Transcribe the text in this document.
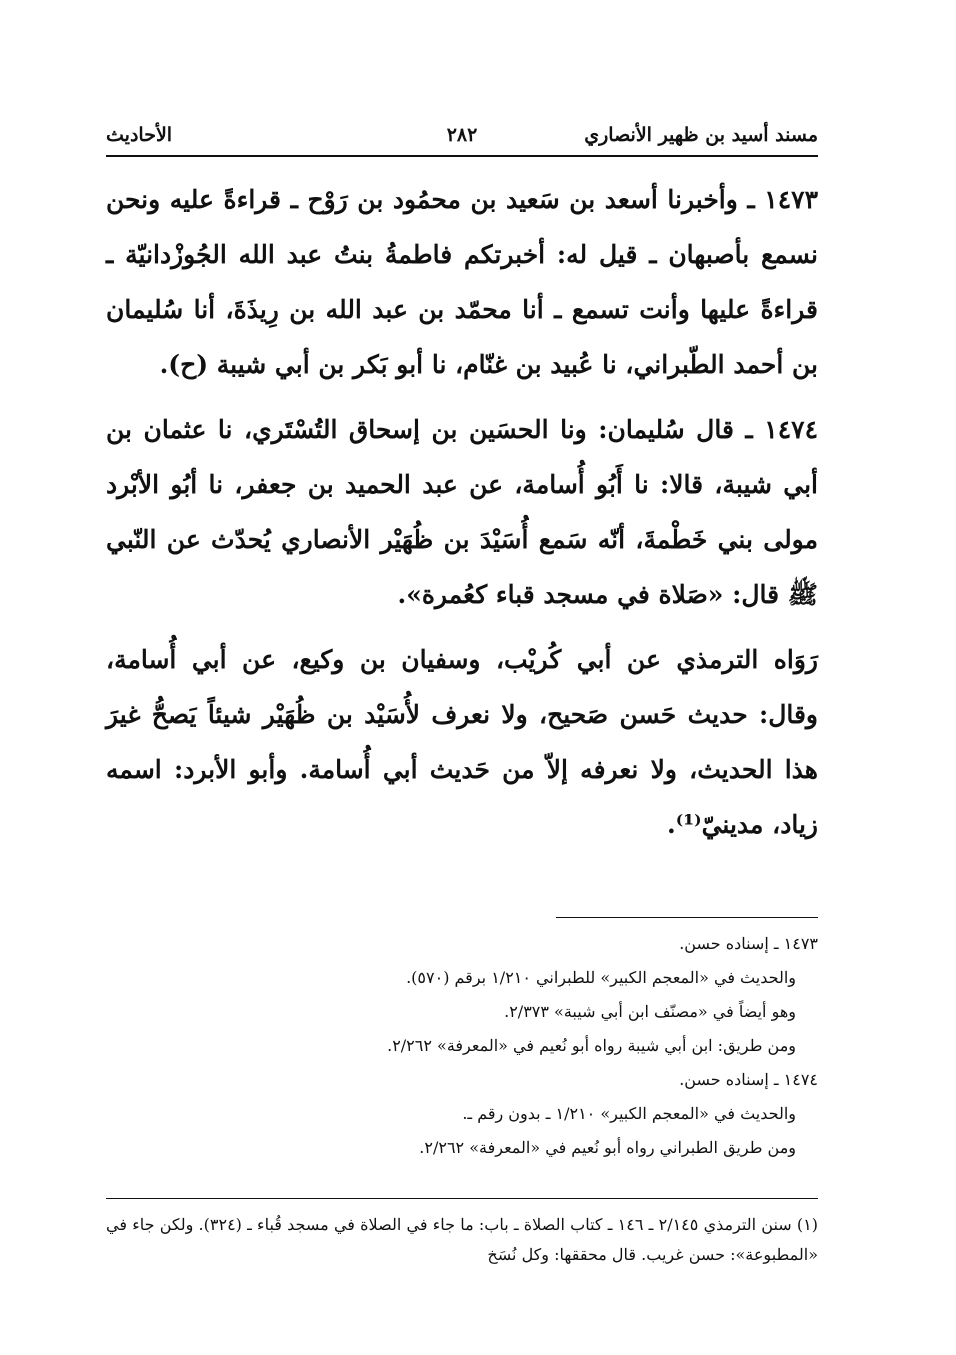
مسند أسيد بن ظهير الأنصاري
٢٨٢
الأحاديث

١٤٧٣ ـ وأخبرنا أسعد بن سَعيد بن محمُود بن رَوْح ـ قراءةً عليه ونحن نسمع بأصبهان ـ قيل له: أخبرتكم فاطمةُ بنتُ عبد الله الجُوزْدانيّة ـ قراءةً عليها وأنت تسمع ـ أنا محمّد بن عبد الله بن رِيذَةَ، أنا سُليمان بن أحمد الطّبراني، نا عُبيد بن غنّام، نا أبو بَكر بن أبي شيبة (ح).

١٤٧٤ ـ قال سُليمان: ونا الحسَين بن إسحاق التُسْتَري، نا عثمان بن أبي شيبة، قالا: نا أَبُو أُسامة، عن عبد الحميد بن جعفر، نا أبُو الأبْرد مولى بني خَطْمةَ، أنّه سَمع أُسَيْدَ بن ظُهَيْر الأنصاري يُحدّث عن النّبي ﷺ قال: «صَلاة في مسجد قباء كعُمرة».

رَوَاه الترمذي عن أبي كُريْب، وسفيان بن وكيع، عن أبي أُسامة، وقال: حديث حَسن صَحيح، ولا نعرف لأُسَيْد بن ظُهَيْر شيئاً يَصحُّ غيرَ هذا الحديث، ولا نعرفه إلاّ من حَديث أبي أُسامة. وأبو الأبرد: اسمه زياد، مدينيّ⁽¹⁾.

١٤٧٣ ـ إسناده حسن.
والحديث في «المعجم الكبير» للطبراني ١/٢١٠ برقم (٥٧٠).
وهو أيضاً في «مصنّف ابن أبي شيبة» ٢/٣٧٣.
ومن طريق: ابن أبي شيبة رواه أبو نُعيم في «المعرفة» ٢/٢٦٢.
١٤٧٤ ـ إسناده حسن.
والحديث في «المعجم الكبير» ١/٢١٠ ـ بدون رقم ـ.
ومن طريق الطبراني رواه أبو نُعيم في «المعرفة» ٢/٢٦٢.
(١) سنن الترمذي ٢/١٤٥ ـ ١٤٦ ـ كتاب الصلاة ـ باب: ما جاء في الصلاة في مسجد قُباء ـ (٣٢٤). ولكن جاء في «المطبوعة»: حسن غريب. قال محققها: وكل نُسَخ
